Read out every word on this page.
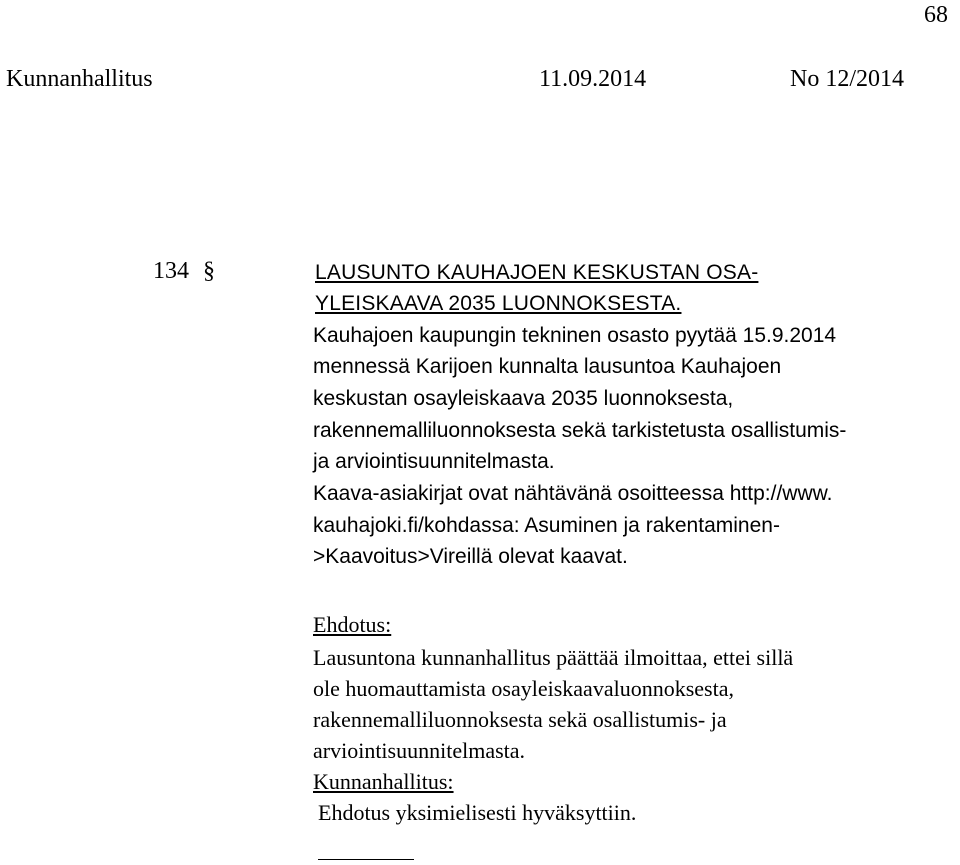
68
Kunnanhallitus	11.09.2014	No 12/2014
134 §	LAUSUNTO KAUHAJOEN KESKUSTAN OSA-
YLEISKAAVA 2035 LUONNOKSESTA.
Kauhajoen kaupungin tekninen osasto pyytää 15.9.2014
mennessä Karijoen kunnalta lausuntoa Kauhajoen
keskustan osayleiskaava 2035 luonnoksesta,
rakennemalliluonnoksesta sekä tarkistetusta osallistumis-
ja arviointisuunnitelmasta.
Kaava-asiakirjat ovat nähtävänä osoitteessa http://www.
kauhajoki.fi/kohdassa: Asuminen ja rakentaminen-
>Kaavoitus>Vireillä olevat kaavat.
Ehdotus:
Lausuntona kunnanhallitus päättää ilmoittaa, ettei sillä
ole huomauttamista osayleiskaavaluonnoksesta,
rakennemalliluonnoksesta sekä osallistumis- ja
arviointisuunnitelmasta.
Kunnanhallitus:
Ehdotus yksimielisesti hyväksyttiin.
